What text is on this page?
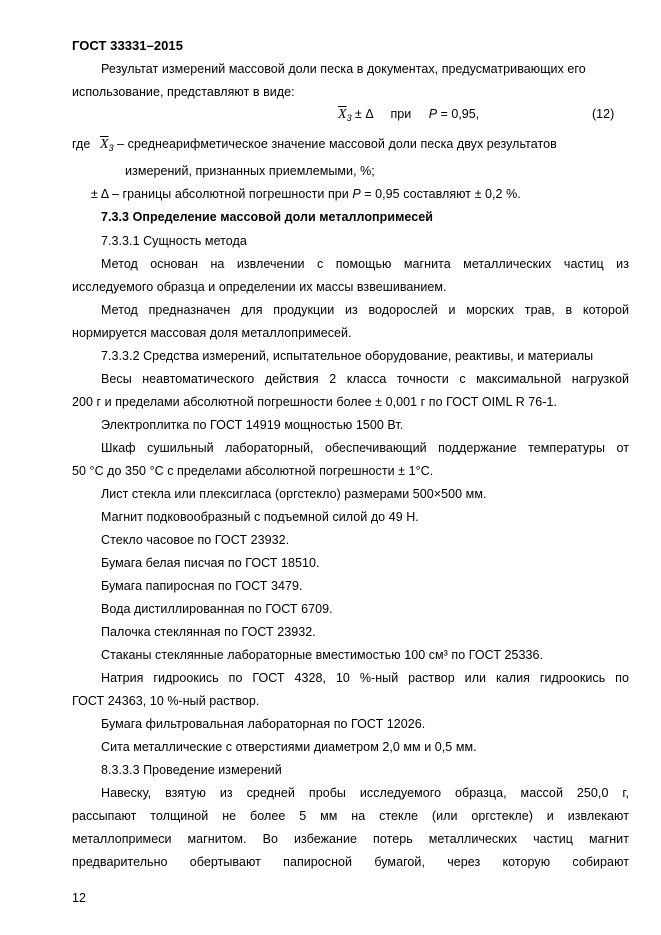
ГОСТ 33331–2015
Результат измерений массовой доли песка в документах, предусматривающих его
использование, представляют в виде:
$\overline{X}_3 \pm \Delta$ при P = 0,95,	(12)
где $\overline{X}_3$ – среднеарифметическое значение массовой доли песка двух результатов
измерений, признанных приемлемыми, %;
± Δ – границы абсолютной погрешности при P = 0,95 составляют ± 0,2 %.
7.3.3 Определение массовой доли металлопримесей
7.3.3.1 Сущность метода
Метод основан на извлечении с помощью магнита металлических частиц из
исследуемого образца и определении их массы взвешиванием.
Метод предназначен для продукции из водорослей и морских трав, в которой
нормируется массовая доля металлопримесей.
7.3.3.2 Средства измерений, испытательное оборудование, реактивы, и материалы
Весы неавтоматического действия 2 класса точности с максимальной нагрузкой
200 г и пределами абсолютной погрешности более ± 0,001 г по ГОСТ OIML R 76-1.
Электроплитка по ГОСТ 14919 мощностью 1500 Вт.
Шкаф сушильный лабораторный, обеспечивающий поддержание температуры от
50 °С до 350 °С с пределами абсолютной погрешности ± 1°С.
Лист стекла или плексигласа (оргстекло) размерами 500×500 мм.
Магнит подковообразный с подъемной силой до 49 Н.
Стекло часовое по ГОСТ 23932.
Бумага белая писчая по ГОСТ 18510.
Бумага папиросная по ГОСТ 3479.
Вода дистиллированная по ГОСТ 6709.
Палочка стеклянная по ГОСТ 23932.
Стаканы стеклянные лабораторные вместимостью 100 см³ по ГОСТ 25336.
Натрия гидроокись по ГОСТ 4328, 10 %-ный раствор или калия гидроокись по
ГОСТ 24363, 10 %-ный раствор.
Бумага фильтровальная лабораторная по ГОСТ 12026.
Сита металлические с отверстиями диаметром 2,0 мм и 0,5 мм.
8.3.3.3 Проведение измерений
Навеску, взятую из средней пробы исследуемого образца, массой 250,0 г,
рассыпают толщиной не более 5 мм на стекле (или оргстекле) и извлекают
металлопримеси магнитом. Во избежание потерь металлических частиц магнит
предварительно обертывают папиросной бумагой, через которую собирают
12
